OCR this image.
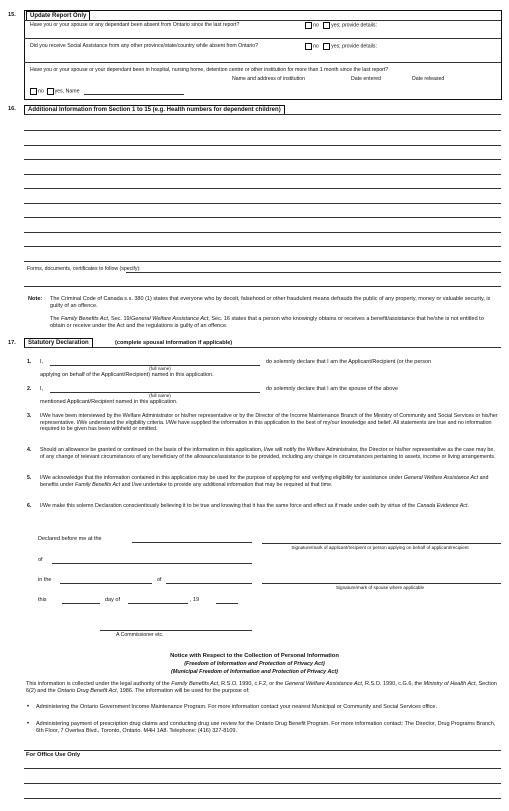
15.	Update Report Only
Have you or your spouse or any dependant been absent from Ontario since the last report?	no yes; provide details:
Did you receive Social Assistance from any other province/state/country while absent from Ontario?	no yes; provide details:
Have you or your spouse or your dependant been in hospital, nursing home, detention centre or other institution for more than 1 month since the last report?
Name and address of institution	Date entered	Date released
no yes, Name
16.	Additional Information from Section 1 to 15 (e.g. Health numbers for dependent children)
Forms, documents, certificates to follow (specify):
Note: The Criminal Code of Canada s.s. 380 (1) states that everyone who by deceit, falsehood or other fraudulent means defrauds the public of any property, money or valuable security, is guilty of an offence.
The Family Benefits Act, Sec. 19/General Welfare Assistance Act, Sec. 16 states that a person who knowingly obtains or receives a benefit/assistance that he/she is not entitled to obtain or receive under the Act and the regulations is guilty of an offence.
17.	Statutory Declaration	(complete spousal information if applicable)
1. I,	do solemnly declare that I am the Applicant/Recipient (or the person
(full name)
applying on behalf of the Applicant/Recipient) named in this application.
2. I,	do solemnly declare that I am the spouse of the above
(full name)
mentioned Applicant/Recipient named in this application.
3. I/We have been interviewed by the Welfare Administrator or his/her representative or by the Director of the Income Maintenance Branch of the Ministry of Community and Social Services or his/her representative. I/We understand the eligibility criteria. I/We have supplied the information in this application to the best of my/our knowledge and belief. All statements are true and no information required to be given has been withheld or omitted.
4. Should an allowance be granted or continued on the basis of the information in this application, I/we will notify the Welfare Administrator, the Director or his/her representative as the case may be, of any change of relevant circumstances of any beneficiary of the allowance/assistance to be provided, including any change in circumstances pertaining to assets, income or living arrangements.
5. I/We acknowledge that the information contained in this application may be used for the purpose of applying for and verifying eligibility for assistance under General Welfare Assistance Act and benefits under Family Benefits Act and I/we undertake to provide any additional information that may be required at that time.
6. I/We make this solemn Declaration conscientiously believing it to be true and knowing that it has the same force and effect as if made under oath by virtue of the Canada Evidence Act.
Declared before me at the
Signature/mark of applicant/recipient or person applying on behalf of applicant/recipient
of
in the	of
Signature/mark of spouse where applicable
this	day of	, 19
A Commissioner etc.
Notice with Respect to the Collection of Personal Information
(Freedom of Information and Protection of Privacy Act)
(Municipal Freedom of Information and Protection of Privacy Act)
This information is collected under the legal authority of the Family Benefits Act, R.S.O. 1990, c.F.2, or the General Welfare Assistance Act, R.S.O. 1990, c.G.6, the Ministry of Health Act, Section 6(2) and the Ontario Drug Benefit Act, 1986. The information will be used for the purpose of:
• Administering the Ontario Government Income Maintenance Program. For more information contact your nearest Municipal or Community and Social Services office.
• Administering payment of prescription drug claims and conducting drug use review for the Ontario Drug Benefit Program. For more information contact: The Director, Drug Programs Branch, 6th Floor, 7 Overlea Blvd., Toronto, Ontario. M4H 1A8. Telephone: (416) 327-8109.
For Office Use Only
